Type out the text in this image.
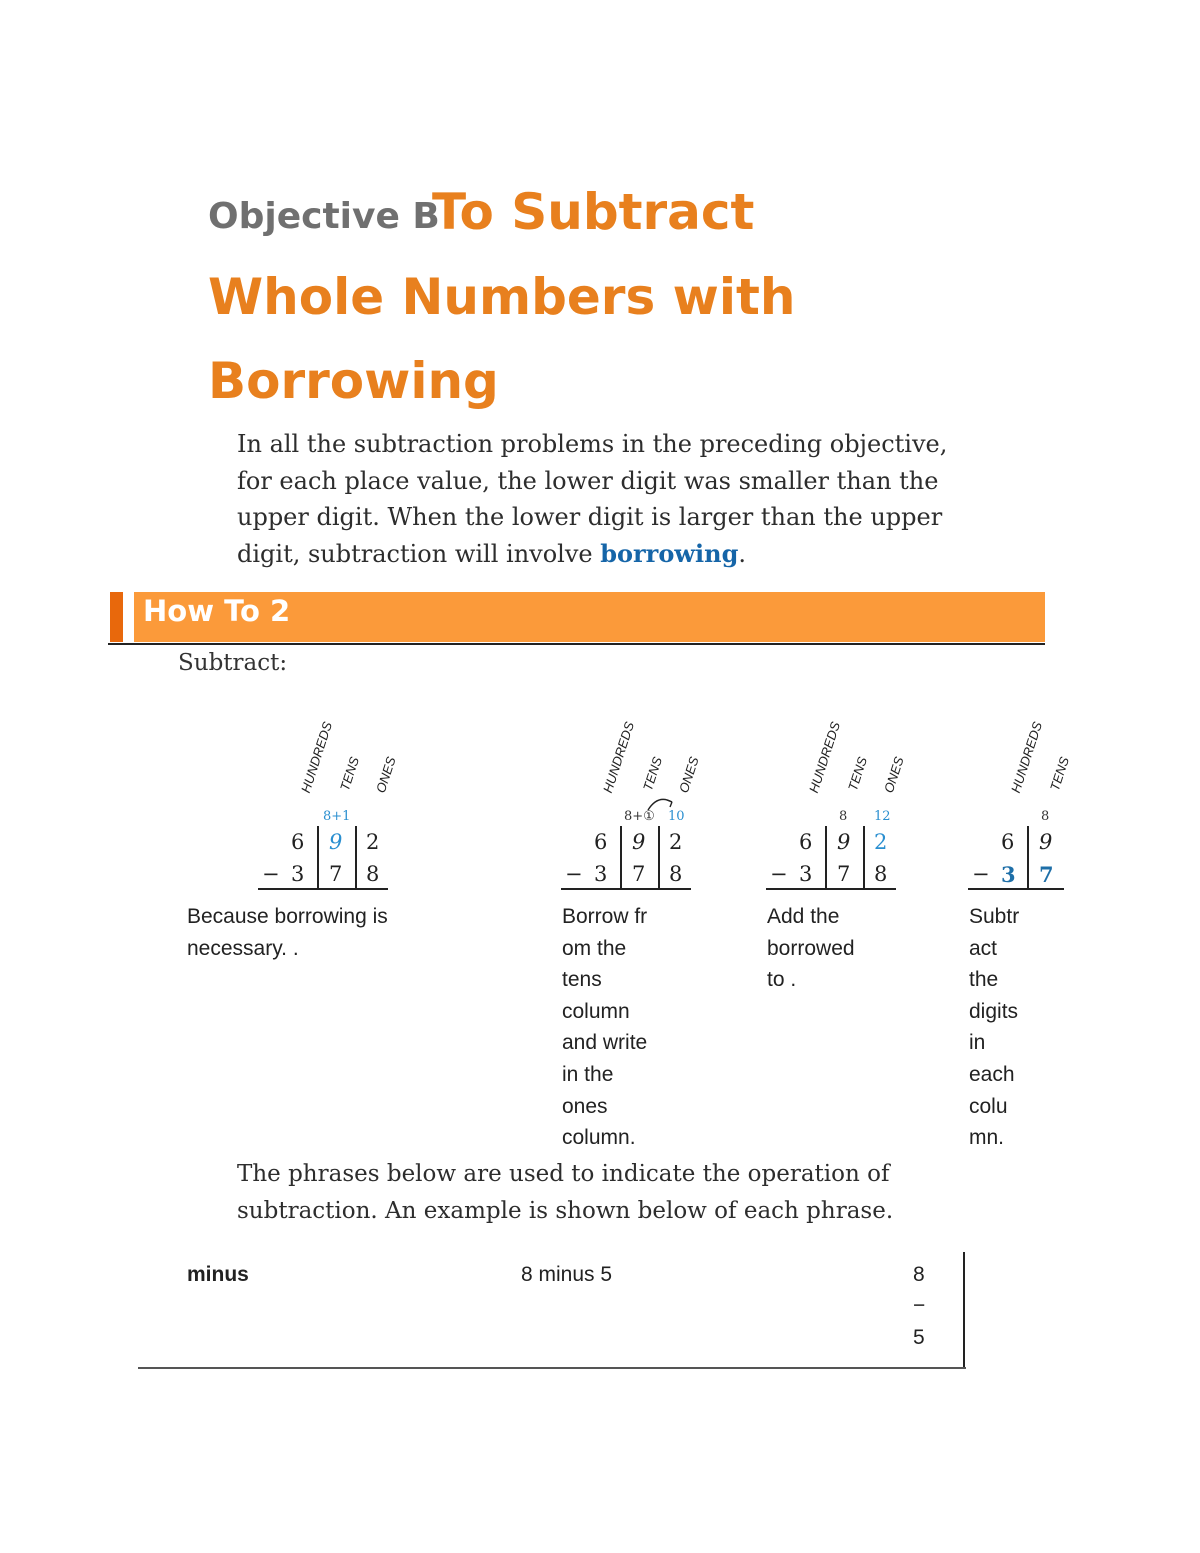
Objective B
To Subtract
Whole Numbers with
Borrowing
In all the subtraction problems in the preceding objective, for each place value, the lower digit was smaller than the upper digit. When the lower digit is larger than the upper digit, subtraction will involve borrowing.
How To 2
Subtract:
HUNDREDS TENS ONES
8+1
6 9 2
− 3 7 8
Because borrowing is
necessary. .
HUNDREDS TENS ONES
8+① 10
6 9 2
− 3 7 8
Borrow fr
om the
tens
column
and write
in the
ones
column.
HUNDREDS TENS ONES
8 12
6 9 2
− 3 7 8
Add the
borrowed
to .
HUNDREDS TENS
8
6 9
− 3 7
Subtr
act
the
digits
in
each
colu
mn.
The phrases below are used to indicate the operation of subtraction. An example is shown below of each phrase.
minus	8 minus 5	8
−
5
